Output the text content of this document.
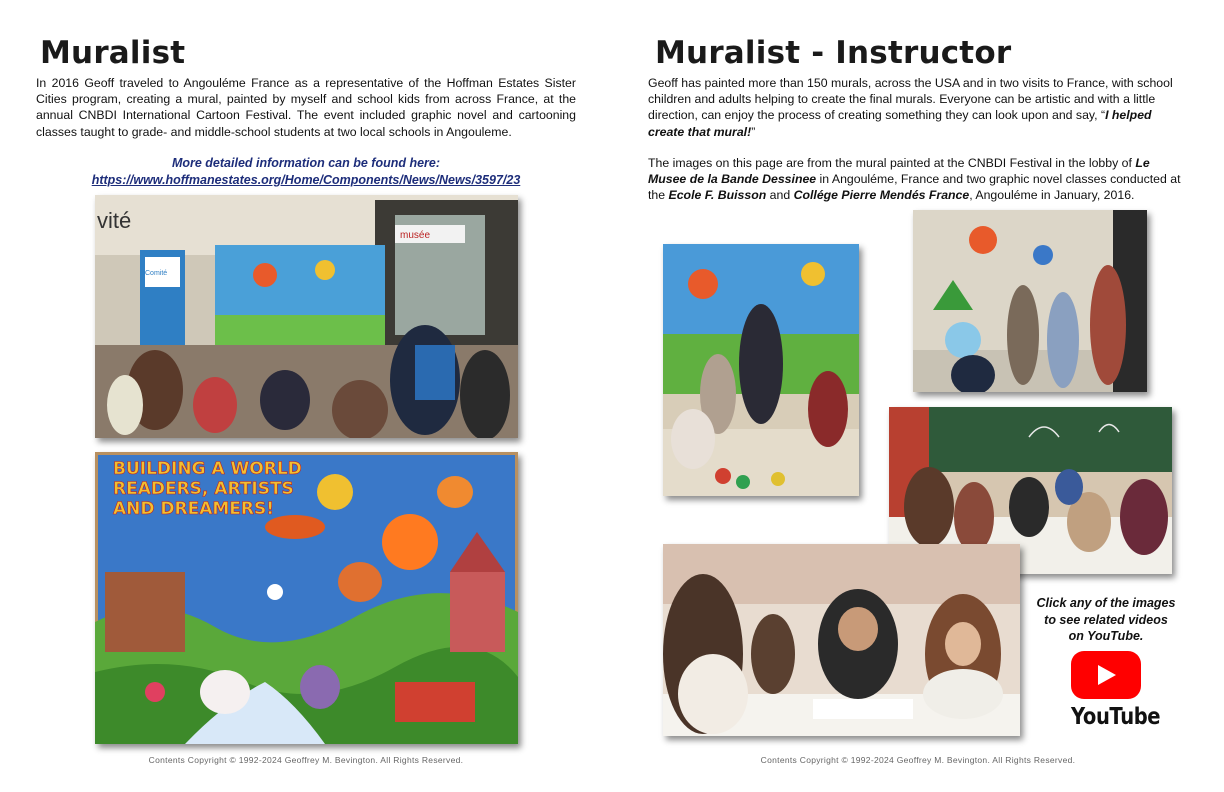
Muralist

In 2016 Geoff traveled to Angouléme France as a representative of the Hoffman Estates Sister Cities program, creating a mural, painted by myself and school kids from across France, at the annual CNBDI International Cartoon Festival. The event included graphic novel and cartooning classes taught to grade- and middle-school students at two local schools in Angouleme.

More detailed information can be found here:
https://www.hoffmanestates.org/Home/Components/News/News/3597/23
vité
musée
Comité
BUILDING A WORLD READERS, ARTISTS AND DREAMERS!
Contents Copyright © 1992-2024 Geoffrey M. Bevington. All Rights Reserved.
Muralist - Instructor

Geoff has painted more than 150 murals, across the USA and in two visits to France, with school children and adults helping to create the final murals. Everyone can be artistic and with a little direction, can enjoy the process of creating something they can look upon and say, “I helped create that mural!”

The images on this page are from the mural painted at the CNBDI Festival in the lobby of Le Musee de la Bande Dessinee in Angouléme, France and two graphic novel classes conducted at the Ecole F. Buisson and Collége Pierre Mendés France, Angouléme in January, 2016.

Click any of the images to see related videos on YouTube.
YouTube
Contents Copyright © 1992-2024 Geoffrey M. Bevington. All Rights Reserved.
